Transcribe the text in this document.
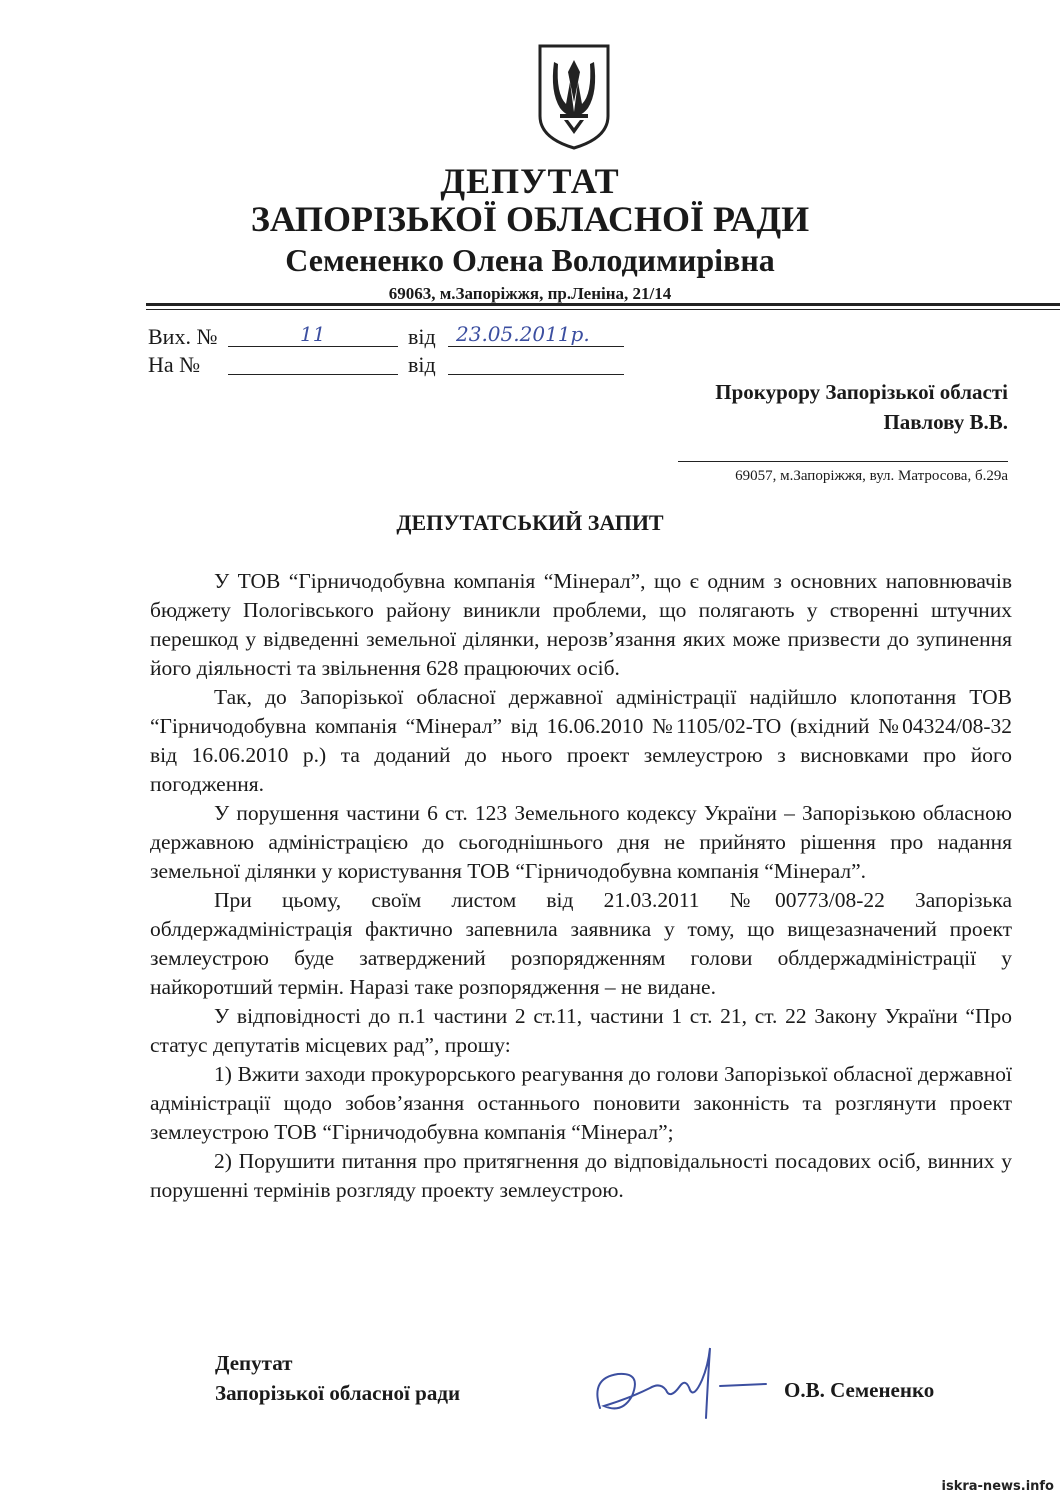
ДЕПУТАТ
ЗАПОРІЗЬКОЇ ОБЛАСНОЇ РАДИ
Семененко Олена Володимирівна
69063, м.Запоріжжя, пр.Леніна, 21/14
Вих. №	11	від 23.05.2011р.
На №	від
Прокурору Запорізької області
Павлову В.В.
69057, м.Запоріжжя, вул. Матросова, б.29а
ДЕПУТАТСЬКИЙ ЗАПИТ

У ТОВ “Гірничодобувна компанія “Мінерал”, що є одним з основних наповнювачів бюджету Пологівського району виникли проблеми, що полягають у створенні штучних перешкод у відведенні земельної ділянки, нерозв’язання яких може призвести до зупинення його діяльності та звільнення 628 працюючих осіб.

Так, до Запорізької обласної державної адміністрації надійшло клопотання ТОВ “Гірничодобувна компанія “Мінерал” від 16.06.2010 №1105/02-ТО (вхідний №04324/08-32 від 16.06.2010 р.) та доданий до нього проект землеустрою з висновками про його погодження.

У порушення частини 6 ст. 123 Земельного кодексу України – Запорізькою обласною державною адміністрацією до сьогоднішнього дня не прийнято рішення про надання земельної ділянки у користування ТОВ “Гірничодобувна компанія “Мінерал”.

При цьому, своїм листом від 21.03.2011 №00773/08-22 Запорізька облдержадміністрація фактично запевнила заявника у тому, що вищезазначений проект землеустрою буде затверджений розпорядженням голови облдержадміністрації у найкоротший термін. Наразі таке розпорядження – не видане.

У відповідності до п.1 частини 2 ст.11, частини 1 ст. 21, ст. 22 Закону України “Про статус депутатів місцевих рад”, прошу:

1) Вжити заходи прокурорського реагування до голови Запорізької обласної державної адміністрації щодо зобов’язання останнього поновити законність та розглянути проект землеустрою ТОВ “Гірничодобувна компанія “Мінерал”;

2) Порушити питання про притягнення до відповідальності посадових осіб, винних у порушенні термінів розгляду проекту землеустрою.

Депутат
Запорізької обласної ради	О.В. Семененко
iskra-news.info
